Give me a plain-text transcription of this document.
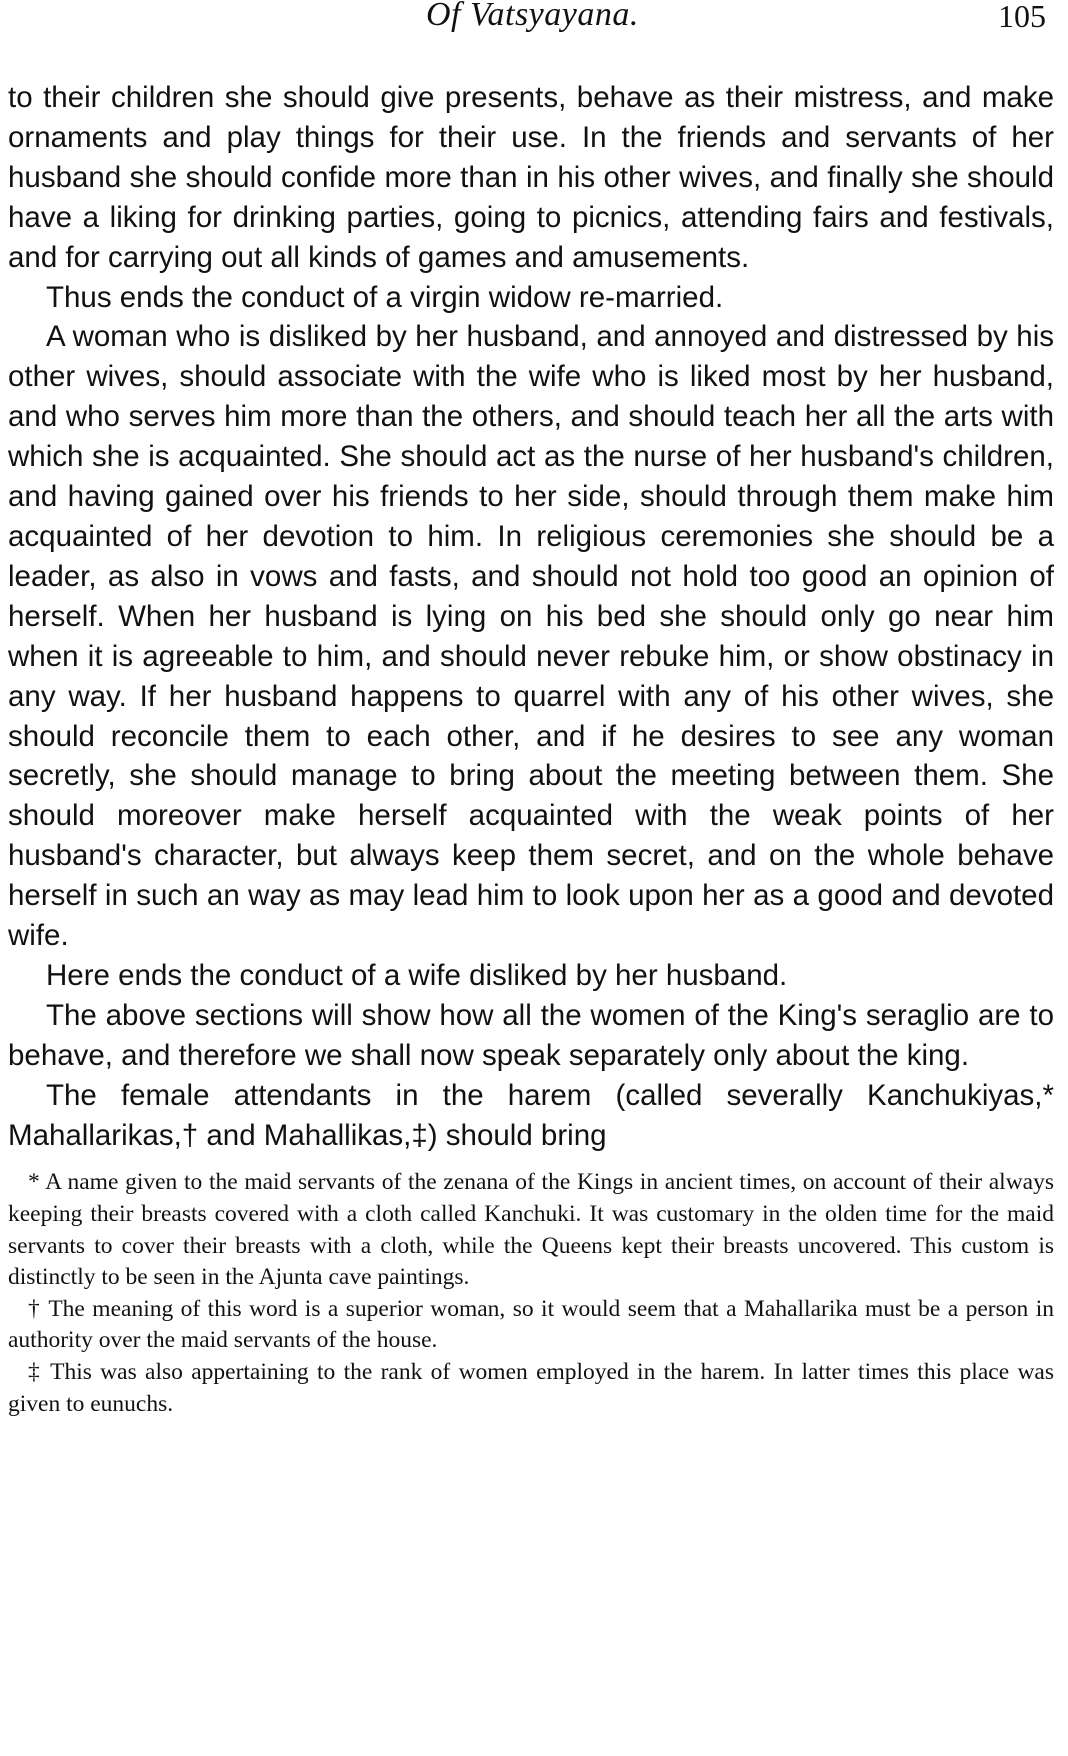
Of Vatsyayana.	105

to their children she should give presents, behave as their mistress, and make ornaments and play things for their use. In the friends and servants of her husband she should confide more than in his other wives, and finally she should have a liking for drinking parties, going to picnics, attending fairs and festivals, and for carrying out all kinds of games and amusements.

Thus ends the conduct of a virgin widow re-married.

A woman who is disliked by her husband, and annoyed and distressed by his other wives, should associate with the wife who is liked most by her husband, and who serves him more than the others, and should teach her all the arts with which she is acquainted. She should act as the nurse of her husband's children, and having gained over his friends to her side, should through them make him acquainted of her devotion to him. In religious ceremonies she should be a leader, as also in vows and fasts, and should not hold too good an opinion of herself. When her husband is lying on his bed she should only go near him when it is agreeable to him, and should never rebuke him, or show obstinacy in any way. If her husband happens to quarrel with any of his other wives, she should reconcile them to each other, and if he desires to see any woman secretly, she should manage to bring about the meeting between them. She should moreover make herself acquainted with the weak points of her husband's character, but always keep them secret, and on the whole behave herself in such an way as may lead him to look upon her as a good and devoted wife.

Here ends the conduct of a wife disliked by her husband.

The above sections will show how all the women of the King's seraglio are to behave, and therefore we shall now speak separately only about the king.

The female attendants in the harem (called severally Kanchukiyas,* Mahallarikas,† and Mahallikas,‡) should bring

* A name given to the maid servants of the zenana of the Kings in ancient times, on account of their always keeping their breasts covered with a cloth called Kanchuki. It was customary in the olden time for the maid servants to cover their breasts with a cloth, while the Queens kept their breasts uncovered. This custom is distinctly to be seen in the Ajunta cave paintings.

† The meaning of this word is a superior woman, so it would seem that a Mahallarika must be a person in authority over the maid servants of the house.

‡ This was also appertaining to the rank of women employed in the harem. In latter times this place was given to eunuchs.
